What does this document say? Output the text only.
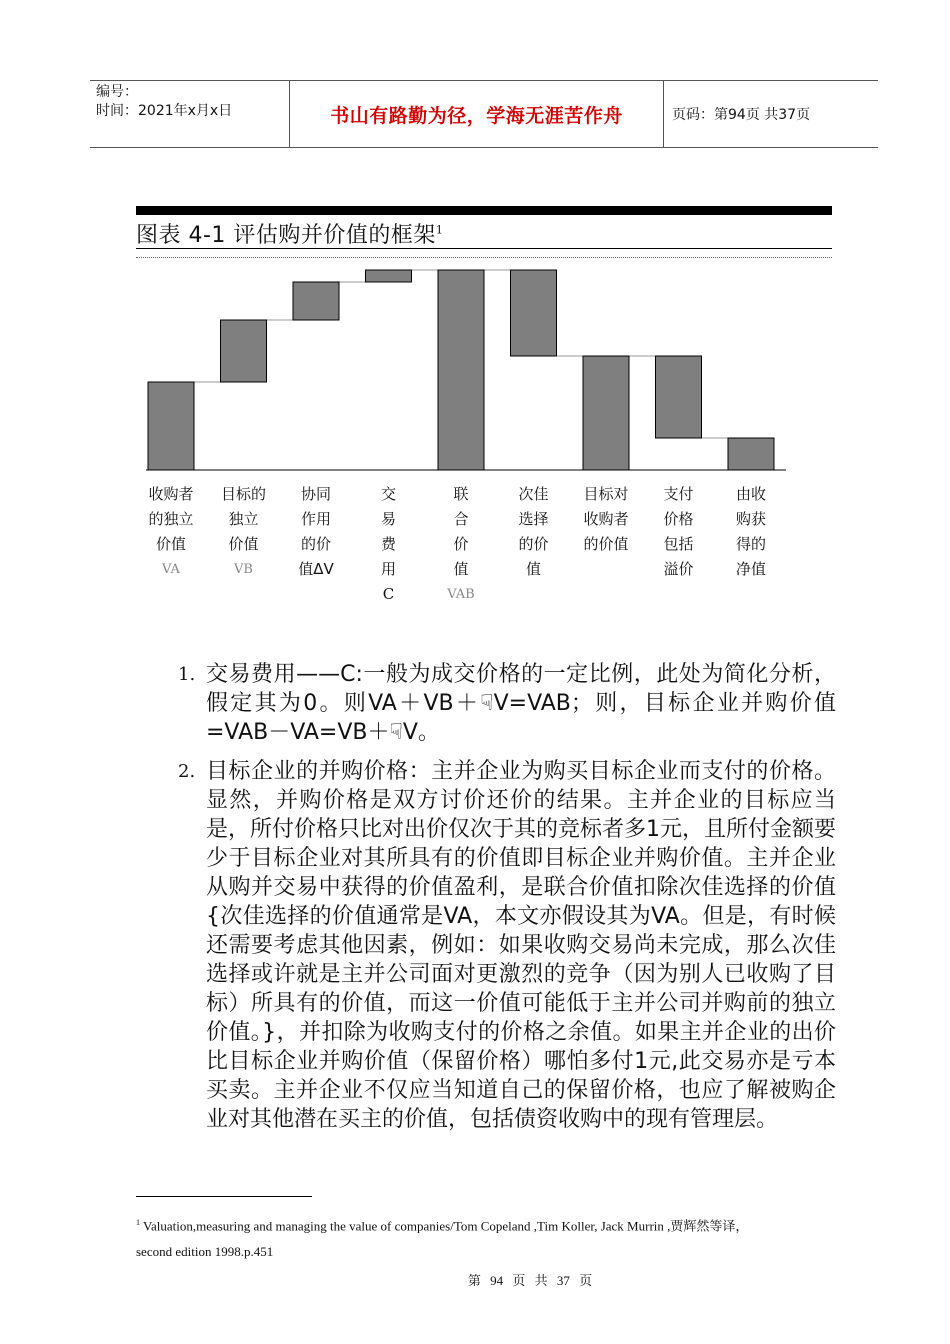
编号：
时间：2021年x月x日	书山有路勤为径，学海无涯苦作舟	页码：第94页 共37页
图表 4-1 评估购并价值的框架$^1$
收购者
的独立
价值
VA
目标的
独立
价值
VB
协同
作用
的价
值ΔV
交
易
费
用
C
联
合
价
值
VAB
次佳
选择
的价
值
目标对
收购者
的价值
支付
价格
包括
溢价
由收
购获
得的
净值
1. 交易费用——C:一般为成交价格的一定比例，此处为简化分析，假定其为0。则VA＋VB＋☟V=VAB；则，目标企业并购价值=VAB－VA=VB＋☟V。
2. 目标企业的并购价格：主并企业为购买目标企业而支付的价格。显然，并购价格是双方讨价还价的结果。主并企业的目标应当是，所付价格只比对出价仅次于其的竞标者多1元，且所付金额要少于目标企业对其所具有的价值即目标企业并购价值。主并企业从购并交易中获得的价值盈利，是联合价值扣除次佳选择的价值{次佳选择的价值通常是VA，本文亦假设其为VA。但是，有时候还需要考虑其他因素，例如：如果收购交易尚未完成，那么次佳选择或许就是主并公司面对更激烈的竞争（因为别人已收购了目标）所具有的价值，而这一价值可能低于主并公司并购前的独立价值。}，并扣除为收购支付的价格之余值。如果主并企业的出价比目标企业并购价值（保留价格）哪怕多付1元,此交易亦是亏本买卖。主并企业不仅应当知道自己的保留价格，也应了解被购企业对其他潜在买主的价值，包括债资收购中的现有管理层。
$^1$ Valuation,measuring and managing the value of companies/Tom Copeland ,Tim Koller, Jack Murrin ,贾辉然等译，
second edition 1998.p.451
第 94 页 共 37 页
